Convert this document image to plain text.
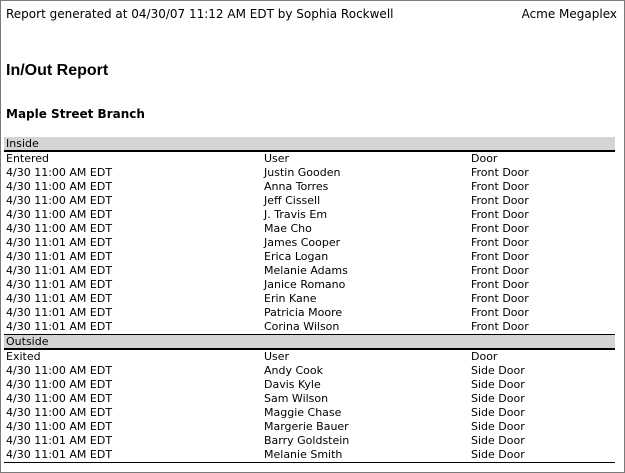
Report generated at 04/30/07 11:12 AM EDT by Sophia Rockwell	Acme Megaplex
In/Out Report
Maple Street Branch
Inside
Entered	User	Door
4/30 11:00 AM EDT	Justin Gooden	Front Door
4/30 11:00 AM EDT	Anna Torres	Front Door
4/30 11:00 AM EDT	Jeff Cissell	Front Door
4/30 11:00 AM EDT	J. Travis Em	Front Door
4/30 11:00 AM EDT	Mae Cho	Front Door
4/30 11:01 AM EDT	James Cooper	Front Door
4/30 11:01 AM EDT	Erica Logan	Front Door
4/30 11:01 AM EDT	Melanie Adams	Front Door
4/30 11:01 AM EDT	Janice Romano	Front Door
4/30 11:01 AM EDT	Erin Kane	Front Door
4/30 11:01 AM EDT	Patricia Moore	Front Door
4/30 11:01 AM EDT	Corina Wilson	Front Door
Outside
Exited	User	Door
4/30 11:00 AM EDT	Andy Cook	Side Door
4/30 11:00 AM EDT	Davis Kyle	Side Door
4/30 11:00 AM EDT	Sam Wilson	Side Door
4/30 11:00 AM EDT	Maggie Chase	Side Door
4/30 11:00 AM EDT	Margerie Bauer	Side Door
4/30 11:01 AM EDT	Barry Goldstein	Side Door
4/30 11:01 AM EDT	Melanie Smith	Side Door
